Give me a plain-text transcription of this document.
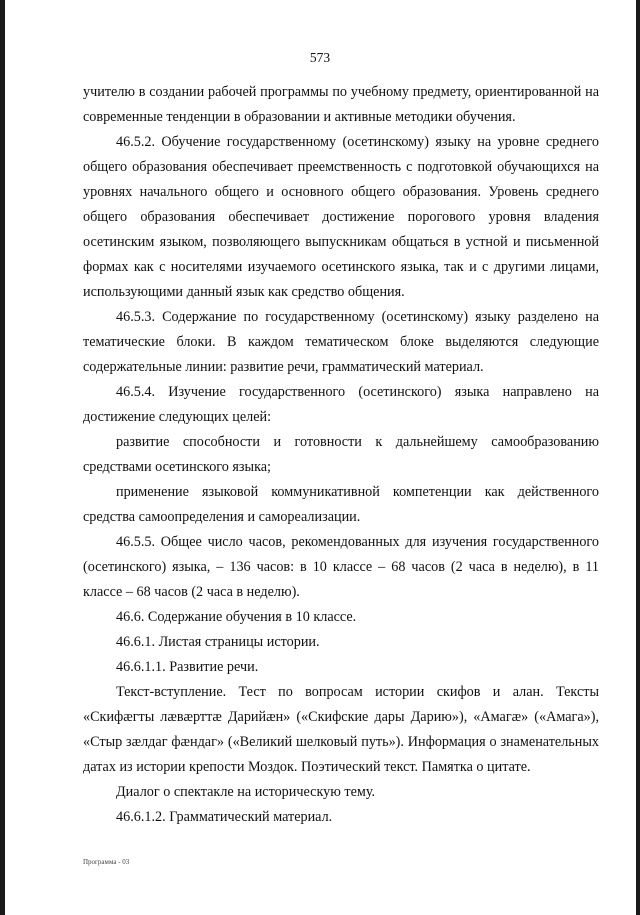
573

учителю в создании рабочей программы по учебному предмету, ориентированной на современные тенденции в образовании и активные методики обучения.

46.5.2. Обучение государственному (осетинскому) языку на уровне среднего общего образования обеспечивает преемственность с подготовкой обучающихся на уровнях начального общего и основного общего образования. Уровень среднего общего образования обеспечивает достижение порогового уровня владения осетинским языком, позволяющего выпускникам общаться в устной и письменной формах как с носителями изучаемого осетинского языка, так и с другими лицами, использующими данный язык как средство общения.

46.5.3. Содержание по государственному (осетинскому) языку разделено на тематические блоки. В каждом тематическом блоке выделяются следующие содержательные линии: развитие речи, грамматический материал.

46.5.4. Изучение государственного (осетинского) языка направлено на достижение следующих целей:

развитие способности и готовности к дальнейшему самообразованию средствами осетинского языка;

применение языковой коммуникативной компетенции как действенного средства самоопределения и самореализации.

46.5.5. Общее число часов, рекомендованных для изучения государственного (осетинского) языка, – 136 часов: в 10 классе – 68 часов (2 часа в неделю), в 11 классе – 68 часов (2 часа в неделю).

46.6. Содержание обучения в 10 классе.

46.6.1. Листая страницы истории.

46.6.1.1. Развитие речи.

Текст-вступление. Тест по вопросам истории скифов и алан. Тексты «Скифæгты лæвæрттæ Дарийæн» («Скифские дары Дарию»), «Амагæ» («Амага»), «Стыр зæлдаг фæндаг» («Великий шелковый путь»). Информация о знаменательных датах из истории крепости Моздок. Поэтический текст. Памятка о цитате.

Диалог о спектакле на историческую тему.

46.6.1.2. Грамматический материал.

Программа - 03
